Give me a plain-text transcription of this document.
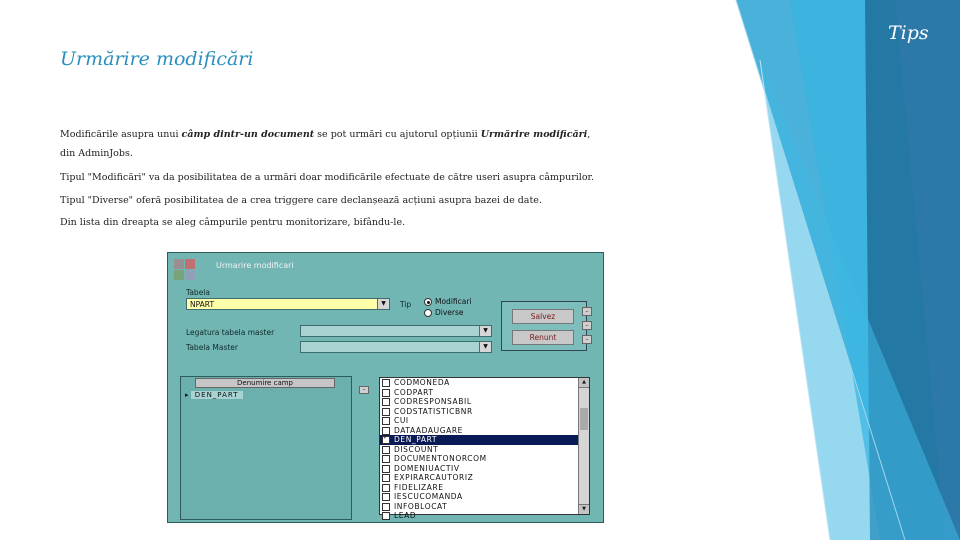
Tips
Urmărire modificări
Modificările asupra unui câmp dintr-un document se pot urmări cu ajutorul opțiunii Urmărire modificări,
din AdminJobs.
Tipul "Modificări" va da posibilitatea de a urmări doar modificările efectuate de către useri asupra câmpurilor.
Tipul "Diverse" oferă posibilitatea de a crea triggere care declanșează acțiuni asupra bazei de date.
Din lista din dreapta se aleg câmpurile pentru monitorizare, bifându-le.
Urmarire modificari
Tabela
NPART	▼	Tip	Modificari
Diverse
Legatura tabela master	▼
Tabela Master	▼
Salvez
Renunt
–
–
–
Denumire camp
▸ DEN_PART
–
CODMONEDA
CODPART
CODRESPONSABIL
CODSTATISTICBNR
CUI
DATAADAUGARE
✓DEN_PART
DISCOUNT
DOCUMENTONORCOM
DOMENIUACTIV
EXPIRARCAUTORIZ
FIDELIZARE
IESCUCOMANDA
INFOBLOCAT
LEAD
▲
▼
